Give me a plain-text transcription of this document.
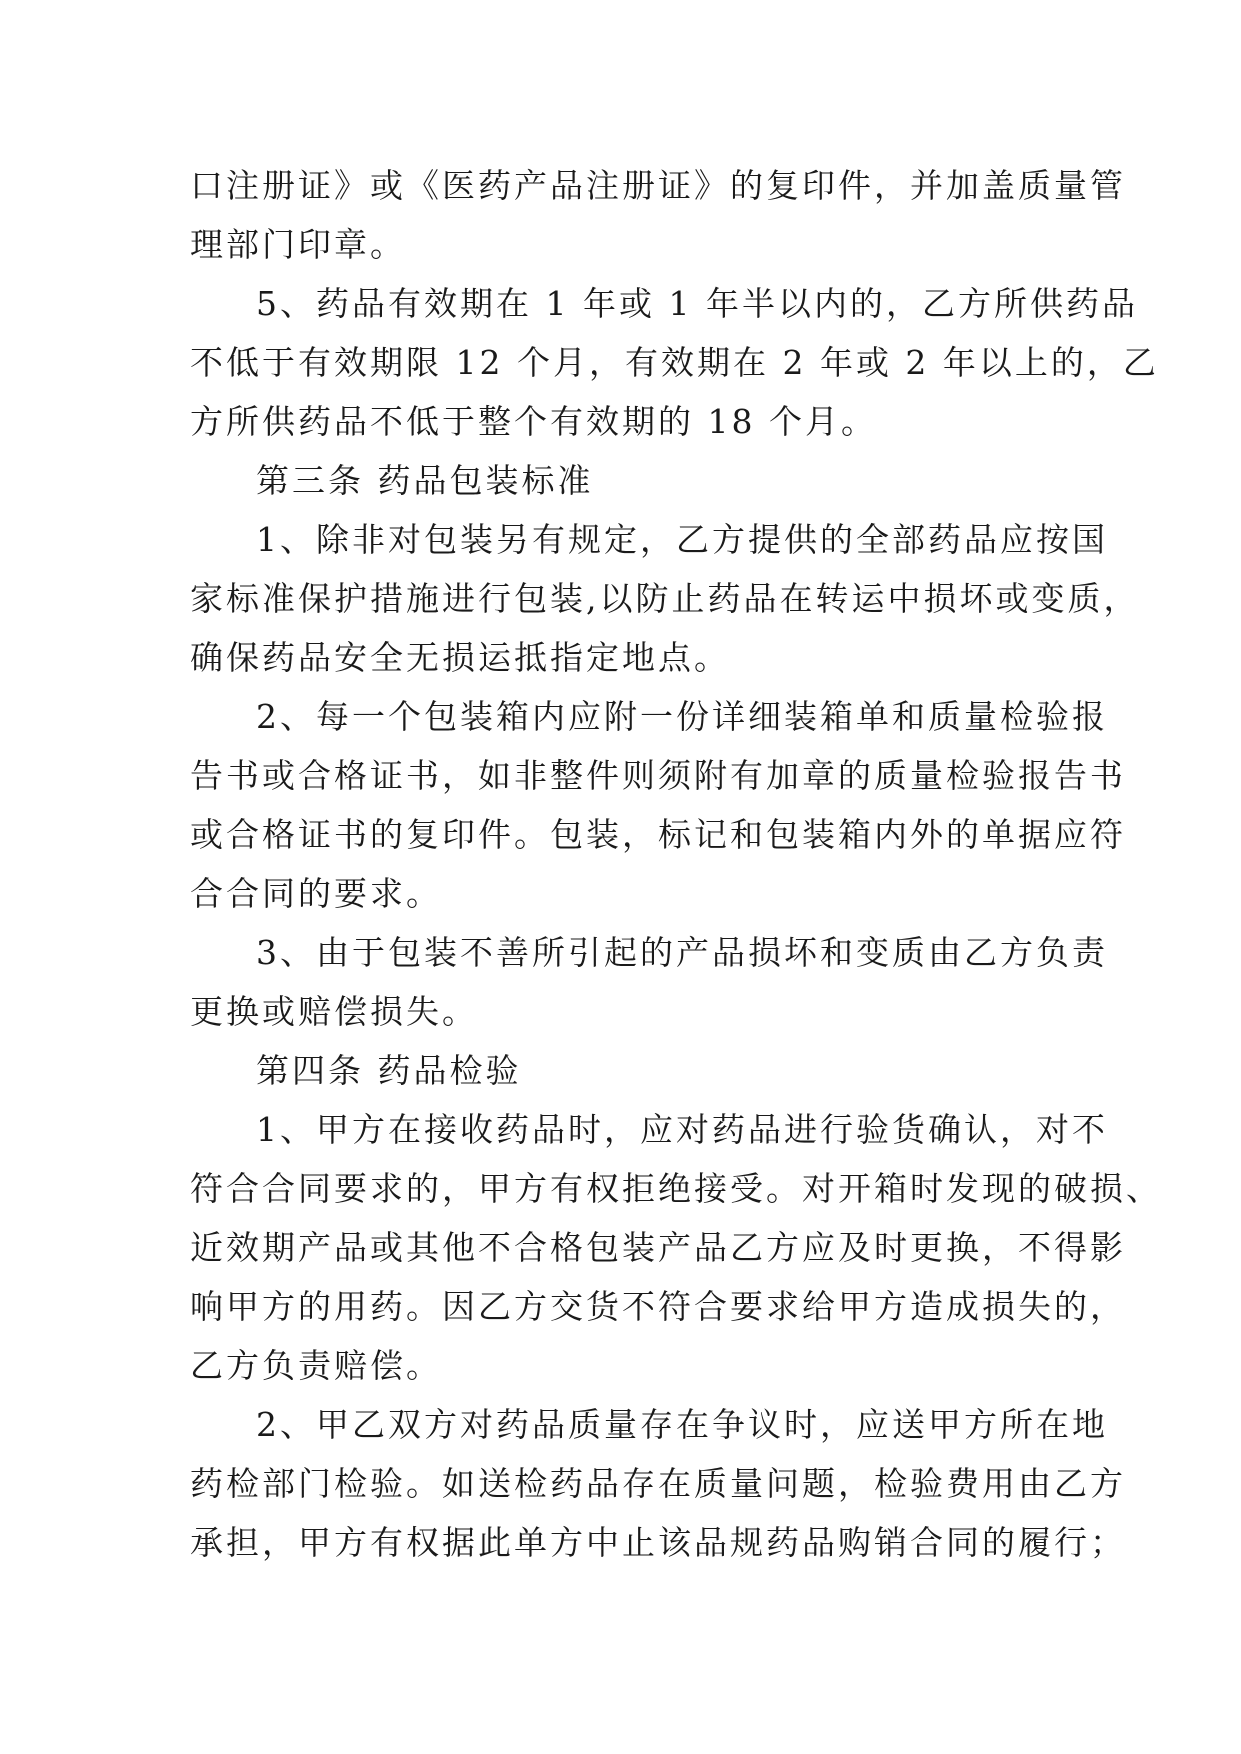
口注册证》或《医药产品注册证》的复印件，并加盖质量管
理部门印章。
5、药品有效期在 1 年或 1 年半以内的，乙方所供药品
不低于有效期限 12 个月，有效期在 2 年或 2 年以上的，乙
方所供药品不低于整个有效期的 18 个月。
第三条 药品包装标准
1、除非对包装另有规定，乙方提供的全部药品应按国
家标准保护措施进行包装,以防止药品在转运中损坏或变质，
确保药品安全无损运抵指定地点。
2、每一个包装箱内应附一份详细装箱单和质量检验报
告书或合格证书，如非整件则须附有加章的质量检验报告书
或合格证书的复印件。包装，标记和包装箱内外的单据应符
合合同的要求。
3、由于包装不善所引起的产品损坏和变质由乙方负责
更换或赔偿损失。
第四条 药品检验
1、甲方在接收药品时，应对药品进行验货确认，对不
符合合同要求的，甲方有权拒绝接受。对开箱时发现的破损、
近效期产品或其他不合格包装产品乙方应及时更换，不得影
响甲方的用药。因乙方交货不符合要求给甲方造成损失的，
乙方负责赔偿。
2、甲乙双方对药品质量存在争议时，应送甲方所在地
药检部门检验。如送检药品存在质量问题，检验费用由乙方
承担，甲方有权据此单方中止该品规药品购销合同的履行；
